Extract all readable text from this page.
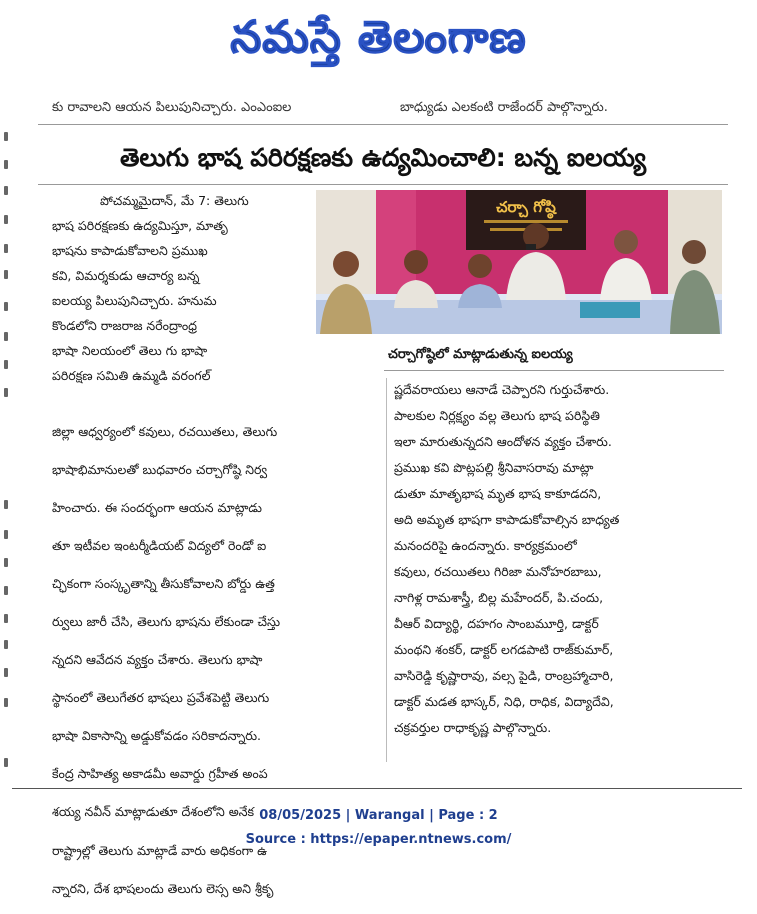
నమస్తే తెలంగాణ
కు రావాలని ఆయన పిలుపునిచ్చారు. ఎంఎంఐల	బాధ్యుడు ఎలకంటి రాజేందర్ పాల్గొన్నారు.
తెలుగు భాష పరిరక్షణకు ఉద్యమించాలి: బన్న ఐలయ్య

పోచమ్మమైదాన్, మే 7: తెలుగు

భాష పరిరక్షణకు ఉద్యమిస్తూ, మాతృ

భాషను కాపాడుకోవాలని ప్రముఖ

కవి, విమర్శకుడు ఆచార్య బన్న

ఐలయ్య పిలుపునిచ్చారు. హనుమ

కొండలోని రాజరాజ నరేంద్రాంధ్ర

భాషా నిలయంలో తెలు గు భాషా

పరిరక్షణ సమితి ఉమ్మడి వరంగల్

చర్చా గోష్ఠి
చర్చాగోష్ఠిలో మాట్లాడుతున్న ఐలయ్య

జిల్లా ఆధ్వర్యంలో కవులు, రచయితలు, తెలుగు

భాషాభిమానులతో బుధవారం చర్చాగోష్ఠి నిర్వ

హించారు. ఈ సందర్భంగా ఆయన మాట్లాడు

తూ ఇటీవల ఇంటర్మీడియట్ విద్యలో రెండో ఐ

చ్ఛికంగా సంస్కృతాన్ని తీసుకోవాలని బోర్డు ఉత్త

ర్వులు జారీ చేసి, తెలుగు భాషను లేకుండా చేస్తు

న్నదని ఆవేదన వ్యక్తం చేశారు. తెలుగు భాషా

స్థానంలో తెలుగేతర భాషలు ప్రవేశపెట్టి తెలుగు

భాషా వికాసాన్ని అడ్డుకోవడం సరికాదన్నారు.

కేంద్ర సాహిత్య అకాడమీ అవార్డు గ్రహీత అంప

శయ్య నవీన్ మాట్లాడుతూ దేశంలోని అనేక

రాష్ట్రాల్లో తెలుగు మాట్లాడే వారు అధికంగా ఉ

న్నారని, దేశ భాషలందు తెలుగు లెస్స అని శ్రీకృ

ష్ణదేవరాయలు ఆనాడే చెప్పారని గుర్తుచేశారు.

పాలకుల నిర్లక్ష్యం వల్ల తెలుగు భాష పరిస్థితి

ఇలా మారుతున్నదని ఆందోళన వ్యక్తం చేశారు.

ప్రముఖ కవి పొట్లపల్లి శ్రీనివాసరావు మాట్లా

డుతూ మాతృభాష మృత భాష కాకూడదని,

అది అమృత భాషగా కాపాడుకోవాల్సిన బాధ్యత

మనందరిపై ఉందన్నారు. కార్యక్రమంలో

కవులు, రచయితలు గిరిజా మనోహరబాబు,

నాగిళ్ల రామశాస్త్రీ, బిల్ల మహేందర్, పి.చందు,

వీఆర్ విద్యార్థి, దహగం సాంబమూర్తి, డాక్టర్

మంథని శంకర్, డాక్టర్ లగడపాటి రాజ్‌కుమార్,

వాసిరెడ్డి కృష్ణారావు, వల్స పైడి, రాంబ్రహ్మాచారి,

డాక్టర్ మడత భాస్కర్, నిధి, రాధిక, విద్యాదేవి,

చక్రవర్తుల రాధాకృష్ణ పాల్గొన్నారు.

08/05/2025 | Warangal | Page : 2
Source : https://epaper.ntnews.com/
